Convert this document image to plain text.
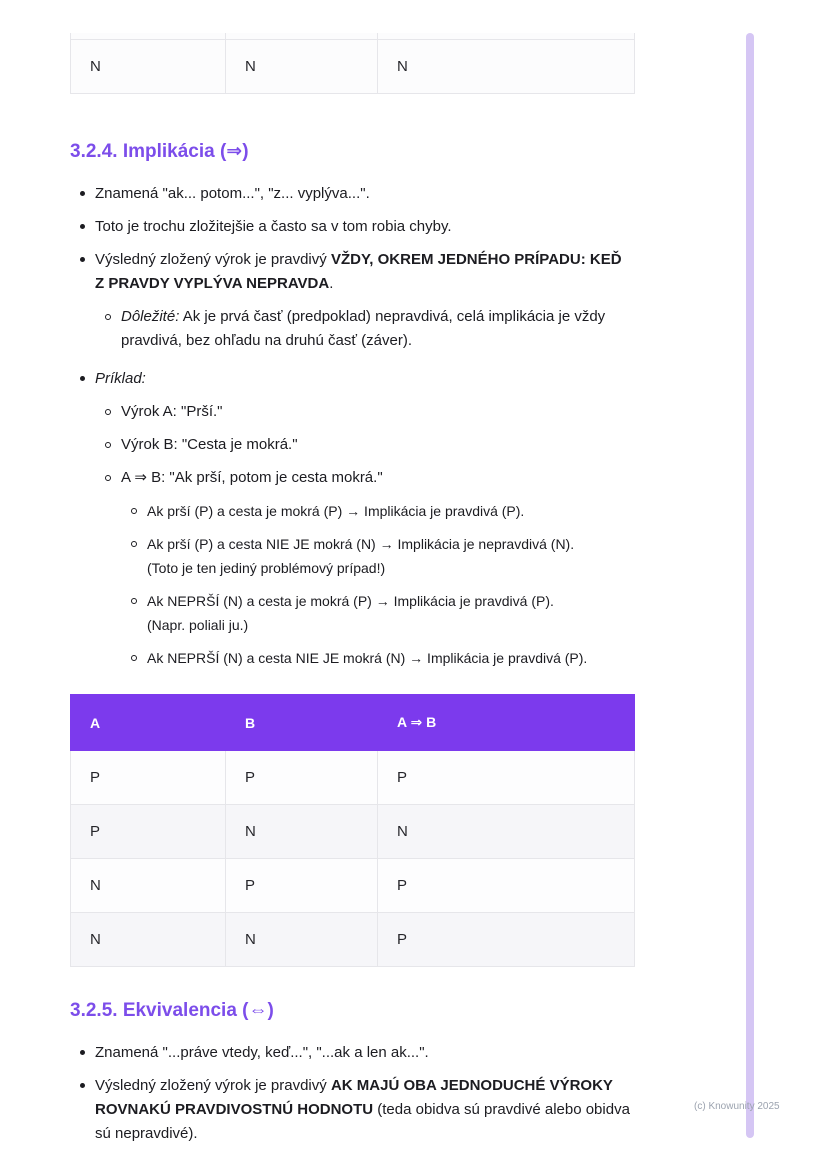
N	N	N
3.2.4. Implikácia (⇒)
Znamená "ak... potom...", "z... vyplýva...".
Toto je trochu zložitejšie a často sa v tom robia chyby.
Výsledný zložený výrok je pravdivý VŽDY, OKREM JEDNÉHO PRÍPADU: KEĎ Z PRAVDY VYPLÝVA NEPRAVDA.
Dôležité: Ak je prvá časť (predpoklad) nepravdivá, celá implikácia je vždy pravdivá, bez ohľadu na druhú časť (záver).
Príklad:
Výrok A: "Prší."
Výrok B: "Cesta je mokrá."
A ⇒ B: "Ak prší, potom je cesta mokrá."
Ak prší (P) a cesta je mokrá (P) → Implikácia je pravdivá (P).
Ak prší (P) a cesta NIE JE mokrá (N) → Implikácia je nepravdivá (N).
(Toto je ten jediný problémový prípad!)
Ak NEPRŠÍ (N) a cesta je mokrá (P) → Implikácia je pravdivá (P).
(Napr. poliali ju.)
Ak NEPRŠÍ (N) a cesta NIE JE mokrá (N) → Implikácia je pravdivá (P).
A	B	A ⇒ B
P	P	P
P	N	N
N	P	P
N	N	P
3.2.5. Ekvivalencia (⇔)
Znamená "...práve vtedy, keď...", "...ak a len ak...".
Výsledný zložený výrok je pravdivý AK MAJÚ OBA JEDNODUCHÉ VÝROKY ROVNAKÚ PRAVDIVOSTNÚ HODNOTU (teda obidva sú pravdivé alebo obidva sú nepravdivé).
(c) Knowunity 2025
